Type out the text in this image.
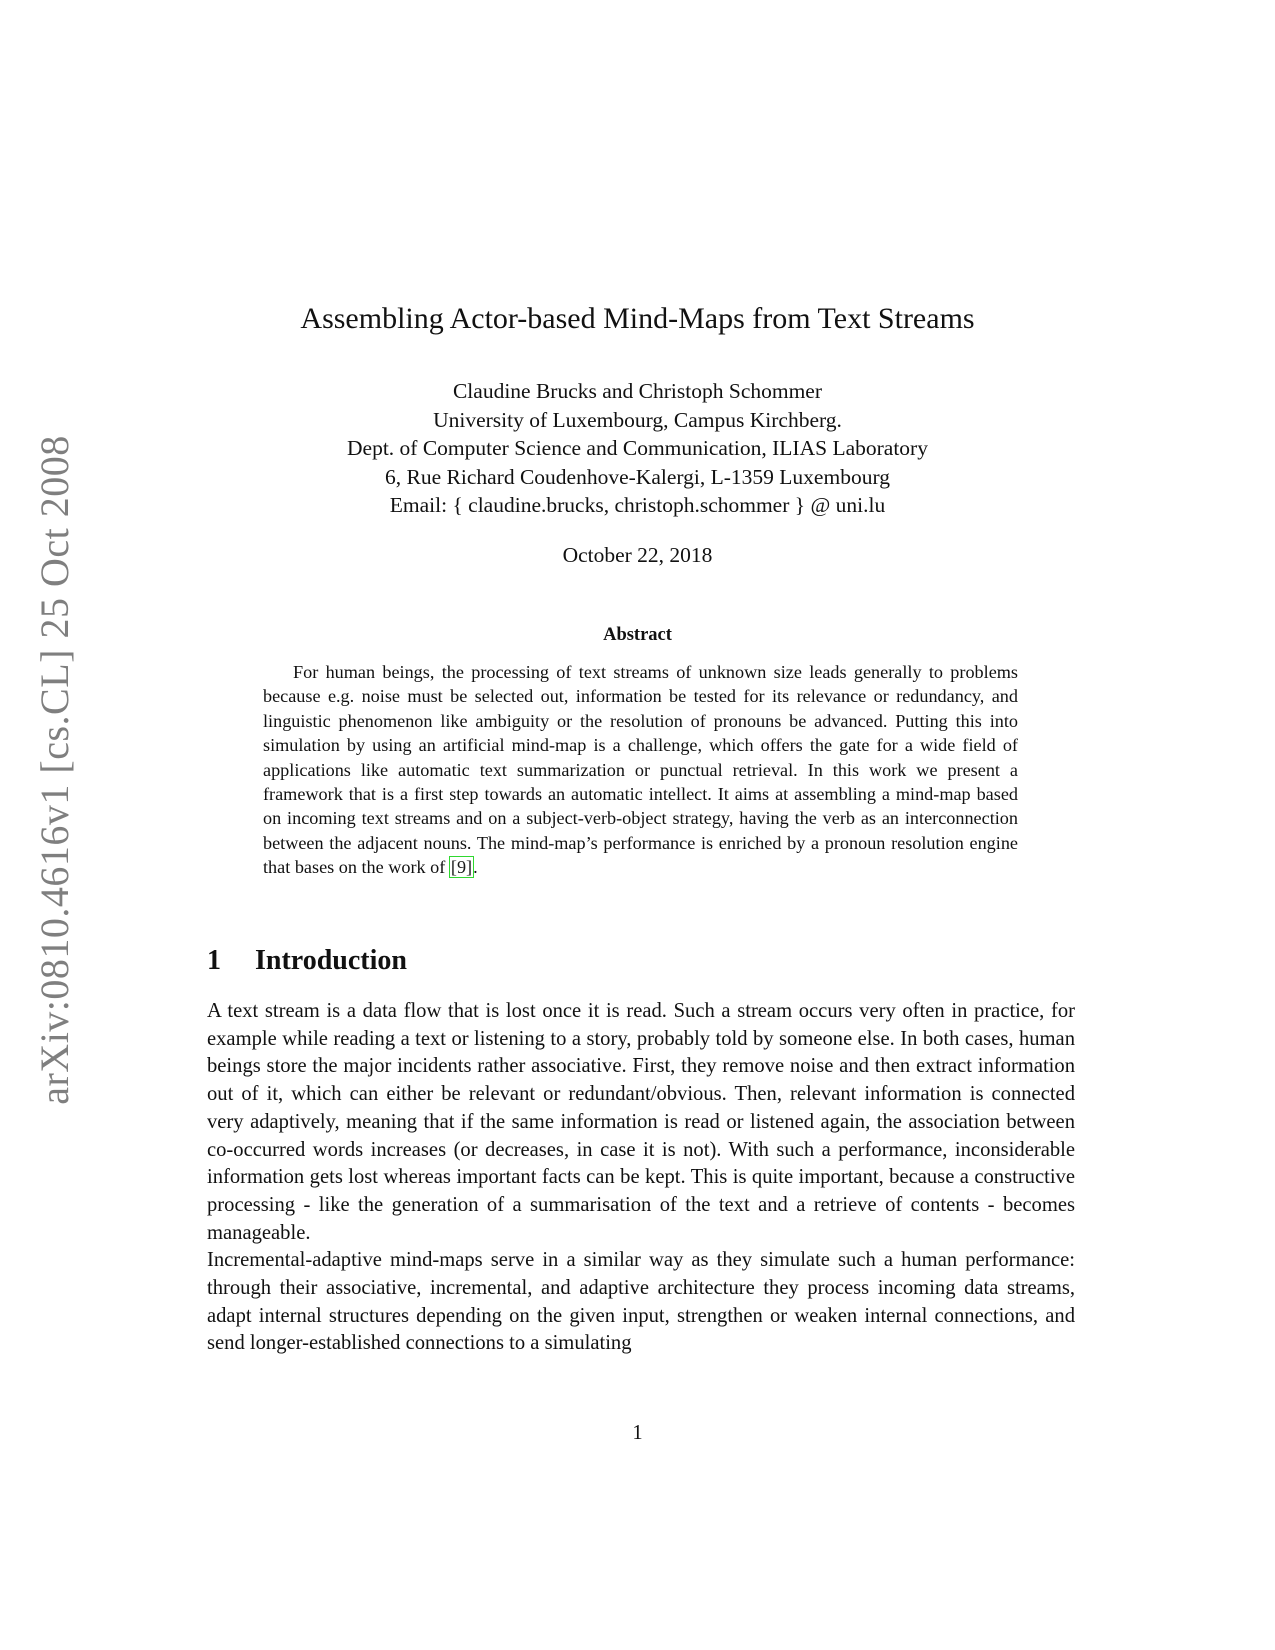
arXiv:0810.4616v1 [cs.CL] 25 Oct 2008
Assembling Actor-based Mind-Maps from Text Streams
Claudine Brucks and Christoph Schommer
University of Luxembourg, Campus Kirchberg.
Dept. of Computer Science and Communication, ILIAS Laboratory
6, Rue Richard Coudenhove-Kalergi, L-1359 Luxembourg
Email: { claudine.brucks, christoph.schommer } @ uni.lu
October 22, 2018
Abstract
For human beings, the processing of text streams of unknown size leads generally to problems because e.g. noise must be selected out, information be tested for its relevance or redundancy, and linguistic phenomenon like ambiguity or the resolution of pronouns be advanced. Putting this into simulation by using an artificial mind-map is a challenge, which offers the gate for a wide field of applications like automatic text summarization or punctual retrieval. In this work we present a framework that is a first step towards an automatic intellect. It aims at assembling a mind-map based on incoming text streams and on a subject-verb-object strategy, having the verb as an interconnection between the adjacent nouns. The mind-map’s performance is enriched by a pronoun resolution engine that bases on the work of [9].
1 Introduction

A text stream is a data flow that is lost once it is read. Such a stream occurs very often in practice, for example while reading a text or listening to a story, probably told by someone else. In both cases, human beings store the major incidents rather associative. First, they remove noise and then extract information out of it, which can either be relevant or redundant/obvious. Then, relevant information is connected very adaptively, meaning that if the same information is read or listened again, the association between co-occurred words increases (or decreases, in case it is not). With such a performance, inconsiderable information gets lost whereas important facts can be kept. This is quite important, because a constructive processing - like the generation of a summarisation of the text and a retrieve of contents - becomes manageable.

Incremental-adaptive mind-maps serve in a similar way as they simulate such a human performance: through their associative, incremental, and adaptive architecture they process incoming data streams, adapt internal structures depending on the given input, strengthen or weaken internal connections, and send longer-established connections to a simulating

1
